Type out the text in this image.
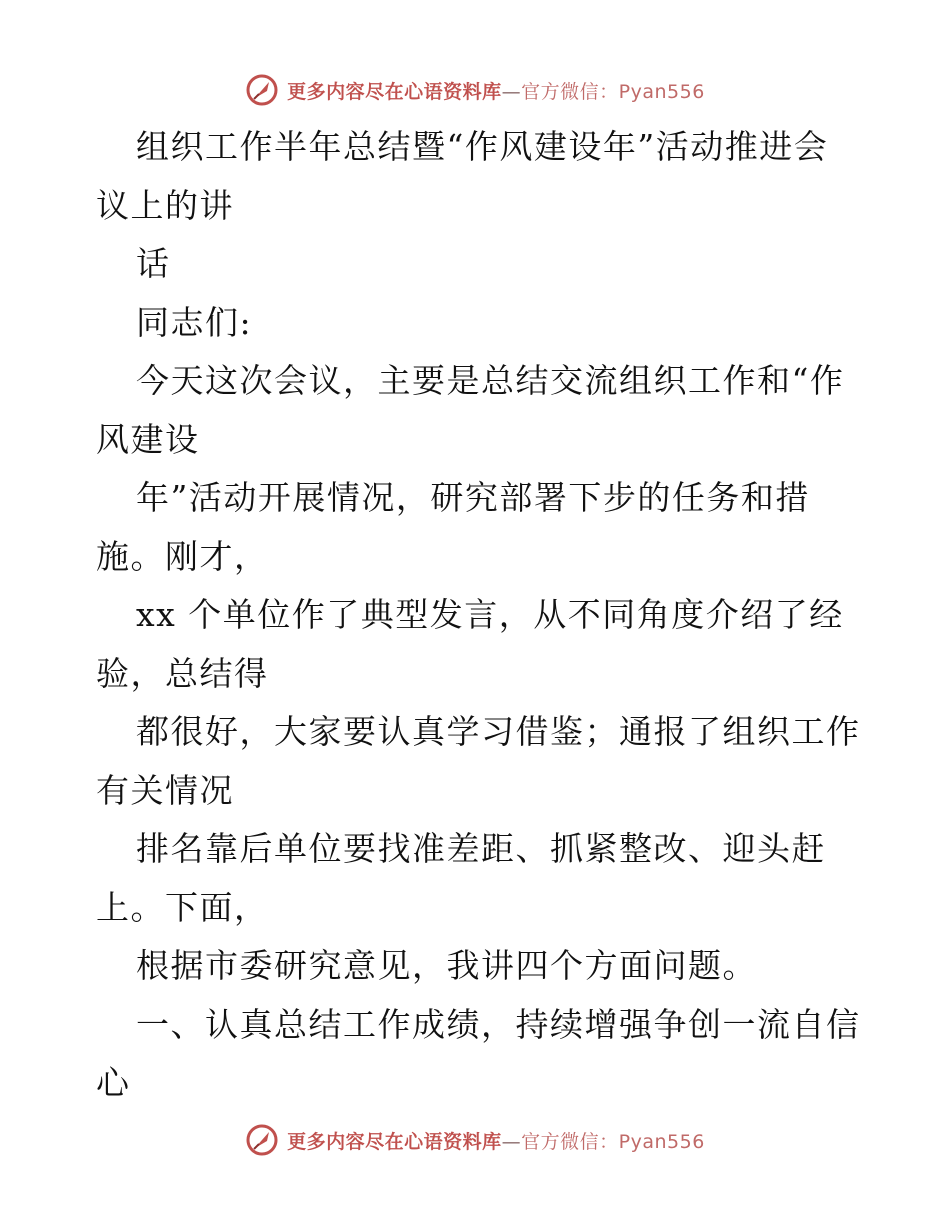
更多内容尽在心语资料库—官方微信：Pyan556
组织工作半年总结暨“作风建设年”活动推进会
议上的讲
话
同志们:
今天这次会议，主要是总结交流组织工作和“作
风建设
年”活动开展情况，研究部署下步的任务和措
施。刚才，
xx 个单位作了典型发言，从不同角度介绍了经
验，总结得
都很好，大家要认真学习借鉴；通报了组织工作
有关情况
排名靠后单位要找准差距、抓紧整改、迎头赶
上。下面，
根据市委研究意见，我讲四个方面问题。
一、认真总结工作成绩，持续增强争创一流自信
心
更多内容尽在心语资料库—官方微信：Pyan556
